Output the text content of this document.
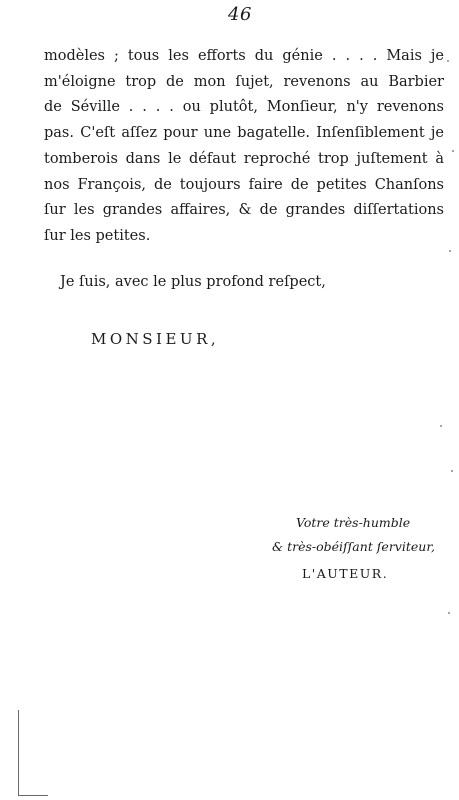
46
modèles ; tous les efforts du génie . . . . Mais je
m'éloigne trop de mon ſujet, revenons au Barbier
de Séville . . . . ou plutôt, Monſieur, n'y revenons
pas. C'eſt aſſez pour une bagatelle. Inſenſiblement je
tomberois dans le défaut reproché trop juſtement à
nos François, de toujours faire de petites Chanſons
ſur les grandes affaires, & de grandes diſſertations
ſur les petites.
Je ſuis, avec le plus profond reſpect,
MONSIEUR,
Votre très-humble
& très-obéiſſant ſerviteur,
L'AUTEUR.
